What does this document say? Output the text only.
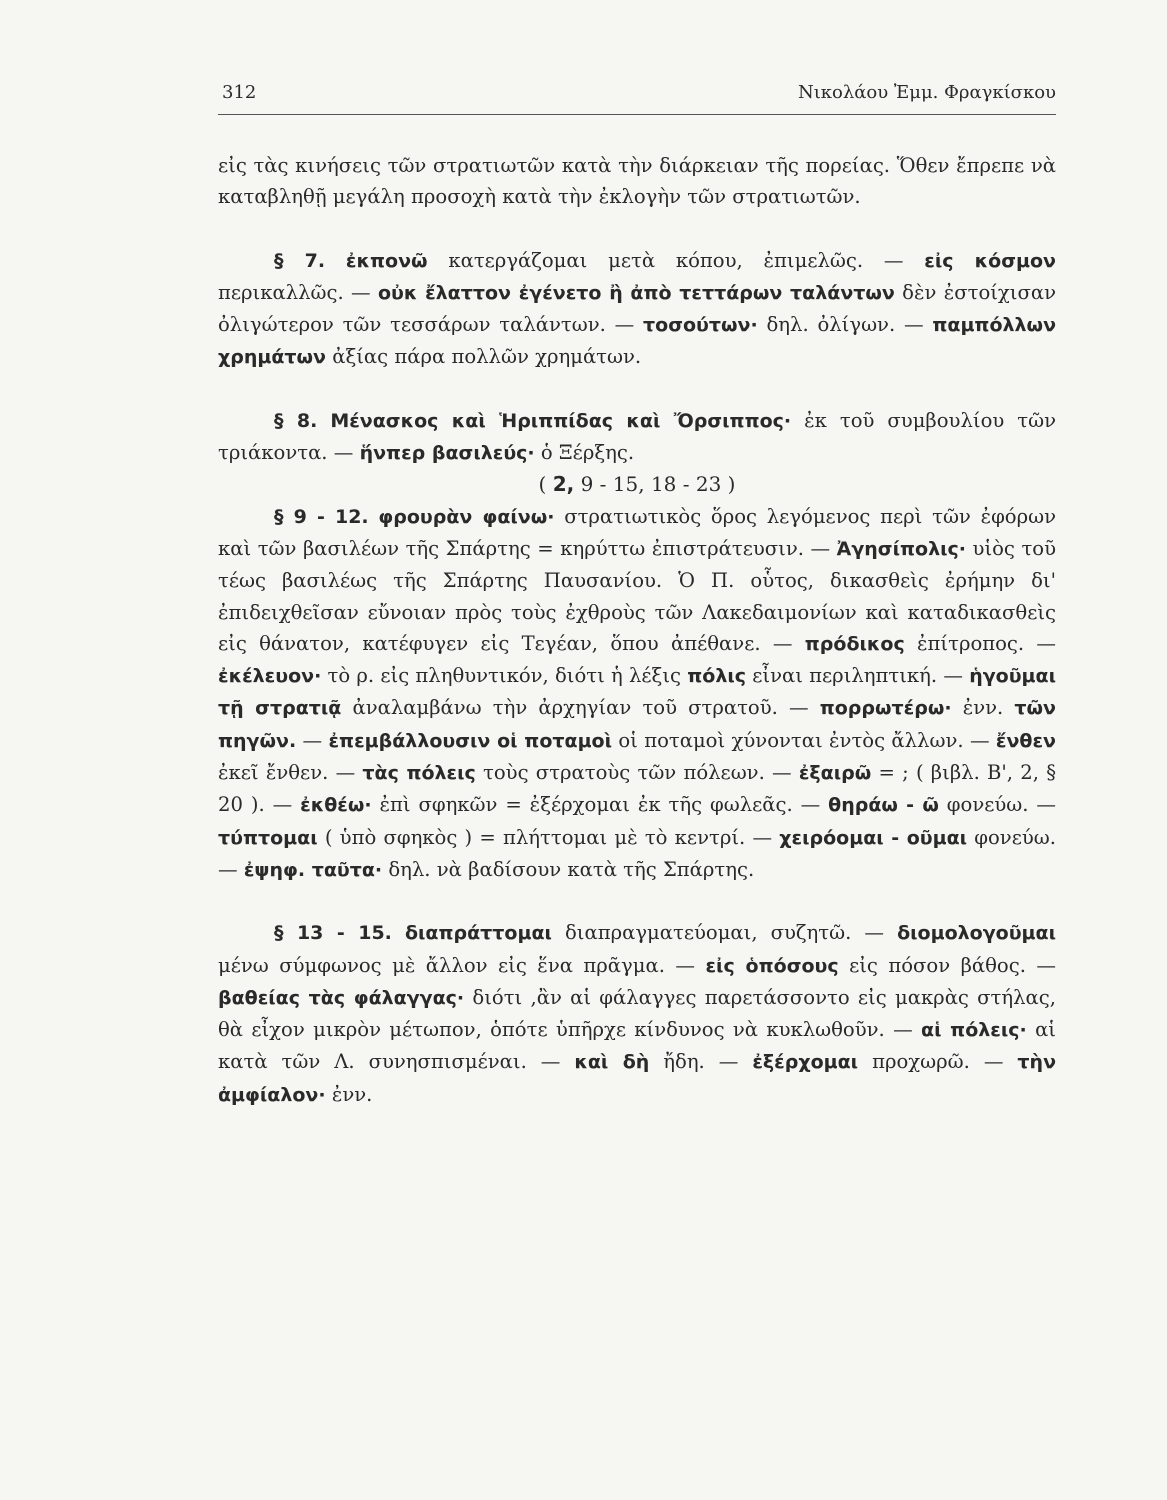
312	Νικολάου Ἐμμ. Φραγκίσκου

εἰς τὰς κινήσεις τῶν στρατιωτῶν κατὰ τὴν διάρκειαν τῆς πορείας. Ὅθεν ἔπρεπε νὰ καταβληθῇ μεγάλη προσοχὴ κατὰ τὴν ἐκλογὴν τῶν στρατιωτῶν.

§ 7. ἐκπονῶ κατεργάζομαι μετὰ κόπου, ἐπιμελῶς. — εἰς κόσμον περικαλλῶς. — οὐκ ἔλαττον ἐγένετο ἢ ἀπὸ τεττάρων ταλάντων δὲν ἐστοίχισαν ὀλιγώτερον τῶν τεσσάρων ταλάντων. — τοσούτων· δηλ. ὀλίγων. — παμπόλλων χρημάτων ἀξίας πάρα πολλῶν χρημάτων.

§ 8. Μένασκος καὶ Ἡριππίδας καὶ Ὄρσιππος· ἐκ τοῦ συμβουλίου τῶν τριάκοντα. — ἥνπερ βασιλεύς· ὁ Ξέρξης.

( 2, 9 - 15, 18 - 23 )

§ 9 - 12. φρουρὰν φαίνω· στρατιωτικὸς ὅρος λεγόμενος περὶ τῶν ἐφόρων καὶ τῶν βασιλέων τῆς Σπάρτης = κηρύττω ἐπιστράτευσιν. — Ἀγησίπολις· υἱὸς τοῦ τέως βασιλέως τῆς Σπάρτης Παυσανίου. Ὁ Π. οὗτος, δικασθεὶς ἐρήμην δι' ἐπιδειχθεῖσαν εὔνοιαν πρὸς τοὺς ἐχθροὺς τῶν Λακεδαιμονίων καὶ καταδικασθεὶς εἰς θάνατον, κατέφυγεν εἰς Τεγέαν, ὅπου ἀπέθανε. — πρόδικος ἐπίτροπος. — ἐκέλευον· τὸ ρ. εἰς πληθυντικόν, διότι ἡ λέξις πόλις εἶναι περιληπτική. — ἡγοῦμαι τῇ στρατιᾷ ἀναλαμβάνω τὴν ἀρχηγίαν τοῦ στρατοῦ. — πορρωτέρω· ἐνν. τῶν πηγῶν. — ἐπεμβάλλουσιν οἱ ποταμοὶ οἱ ποταμοὶ χύνονται ἐντὸς ἄλλων. — ἔνθεν ἐκεῖ ἔνθεν. — τὰς πόλεις τοὺς στρατοὺς τῶν πόλεων. — ἐξαιρῶ = ; ( βιβλ. Β', 2, § 20 ). — ἐκθέω· ἐπὶ σφηκῶν = ἐξέρχομαι ἐκ τῆς φωλεᾶς. — θηράω - ῶ φονεύω. — τύπτομαι ( ὑπὸ σφηκὸς ) = πλήττομαι μὲ τὸ κεντρί. — χειρόομαι - οῦμαι φονεύω. — ἐψηφ. ταῦτα· δηλ. νὰ βαδίσουν κατὰ τῆς Σπάρτης.

§ 13 - 15. διαπράττομαι διαπραγματεύομαι, συζητῶ. — διομολογοῦμαι μένω σύμφωνος μὲ ἄλλον εἰς ἕνα πρᾶγμα. — εἰς ὁπόσους εἰς πόσον βάθος. — βαθείας τὰς φάλαγγας· διότι ,ἂν αἱ φάλαγγες παρετάσσοντο εἰς μακρὰς στήλας, θὰ εἶχον μικρὸν μέτωπον, ὁπότε ὑπῆρχε κίνδυνος νὰ κυκλωθοῦν. — αἱ πόλεις· αἱ κατὰ τῶν Λ. συνησπισμέναι. — καὶ δὴ ἤδη. — ἐξέρχομαι προχωρῶ. — τὴν ἀμφίαλον· ἐνν.
